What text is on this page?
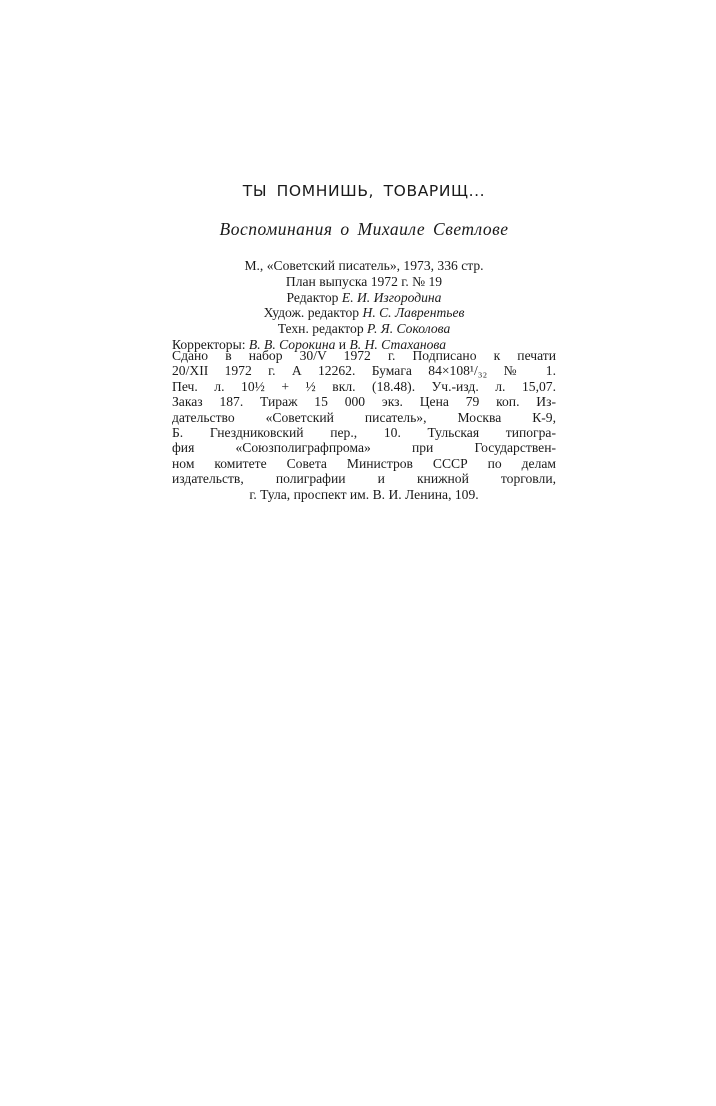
ТЫ ПОМНИШЬ, ТОВАРИЩ...
Воспоминания о Михаиле Светлове
М., «Советский писатель», 1973, 336 стр.
План выпуска 1972 г. № 19
Редактор Е. И. Изгородина
Худож. редактор Н. С. Лаврентьев
Техн. редактор Р. Я. Соколова
Корректоры: В. В. Сорокина и В. Н. Стаханова
Сдано в набор 30/V 1972 г. Подписано к печати
20/XII 1972 г. А 12262. Бумага 84×108¹/₃₂ № 1.
Печ. л. 10½ + ½ вкл. (18.48). Уч.-изд. л. 15,07.
Заказ 187. Тираж 15 000 экз. Цена 79 коп. Из-
дательство «Советский писатель», Москва К-9,
Б. Гнездниковский пер., 10. Тульская типогра-
фия «Союзполиграфпрома» при Государствен-
ном комитете Совета Министров СССР по делам
издательств, полиграфии и книжной торговли,
г. Тула, проспект им. В. И. Ленина, 109.
